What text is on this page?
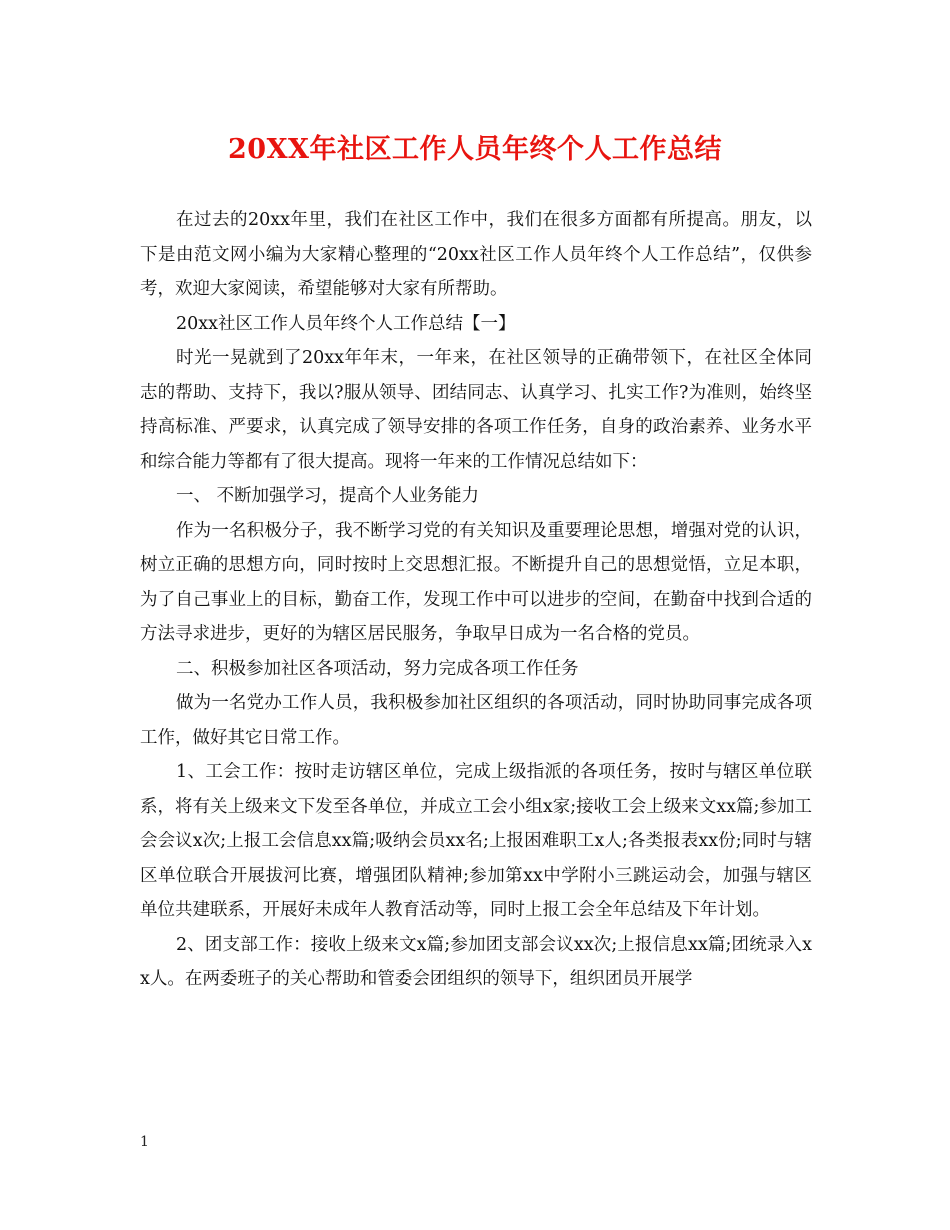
20XX年社区工作人员年终个人工作总结

在过去的20xx年里，我们在社区工作中，我们在很多方面都有所提高。朋友，以下是由范文网小编为大家精心整理的“20xx社区工作人员年终个人工作总结”，仅供参考，欢迎大家阅读，希望能够对大家有所帮助。

20xx社区工作人员年终个人工作总结【一】

时光一晃就到了20xx年年末，一年来，在社区领导的正确带领下，在社区全体同志的帮助、支持下，我以?服从领导、团结同志、认真学习、扎实工作?为准则，始终坚持高标准、严要求，认真完成了领导安排的各项工作任务，自身的政治素养、业务水平和综合能力等都有了很大提高。现将一年来的工作情况总结如下：

一、 不断加强学习，提高个人业务能力

作为一名积极分子，我不断学习党的有关知识及重要理论思想，增强对党的认识，树立正确的思想方向，同时按时上交思想汇报。不断提升自己的思想觉悟，立足本职，为了自己事业上的目标，勤奋工作，发现工作中可以进步的空间，在勤奋中找到合适的方法寻求进步，更好的为辖区居民服务，争取早日成为一名合格的党员。

二、积极参加社区各项活动，努力完成各项工作任务

做为一名党办工作人员，我积极参加社区组织的各项活动，同时协助同事完成各项工作，做好其它日常工作。

1、工会工作：按时走访辖区单位，完成上级指派的各项任务，按时与辖区单位联系，将有关上级来文下发至各单位，并成立工会小组x家;接收工会上级来文xx篇;参加工会会议x次;上报工会信息xx篇;吸纳会员xx名;上报困难职工x人;各类报表xx份;同时与辖区单位联合开展拔河比赛，增强团队精神;参加第xx中学附小三跳运动会，加强与辖区单位共建联系，开展好未成年人教育活动等，同时上报工会全年总结及下年计划。

2、团支部工作：接收上级来文x篇;参加团支部会议xx次;上报信息xx篇;团统录入xx人。在两委班子的关心帮助和管委会团组织的领导下，组织团员开展学

1
